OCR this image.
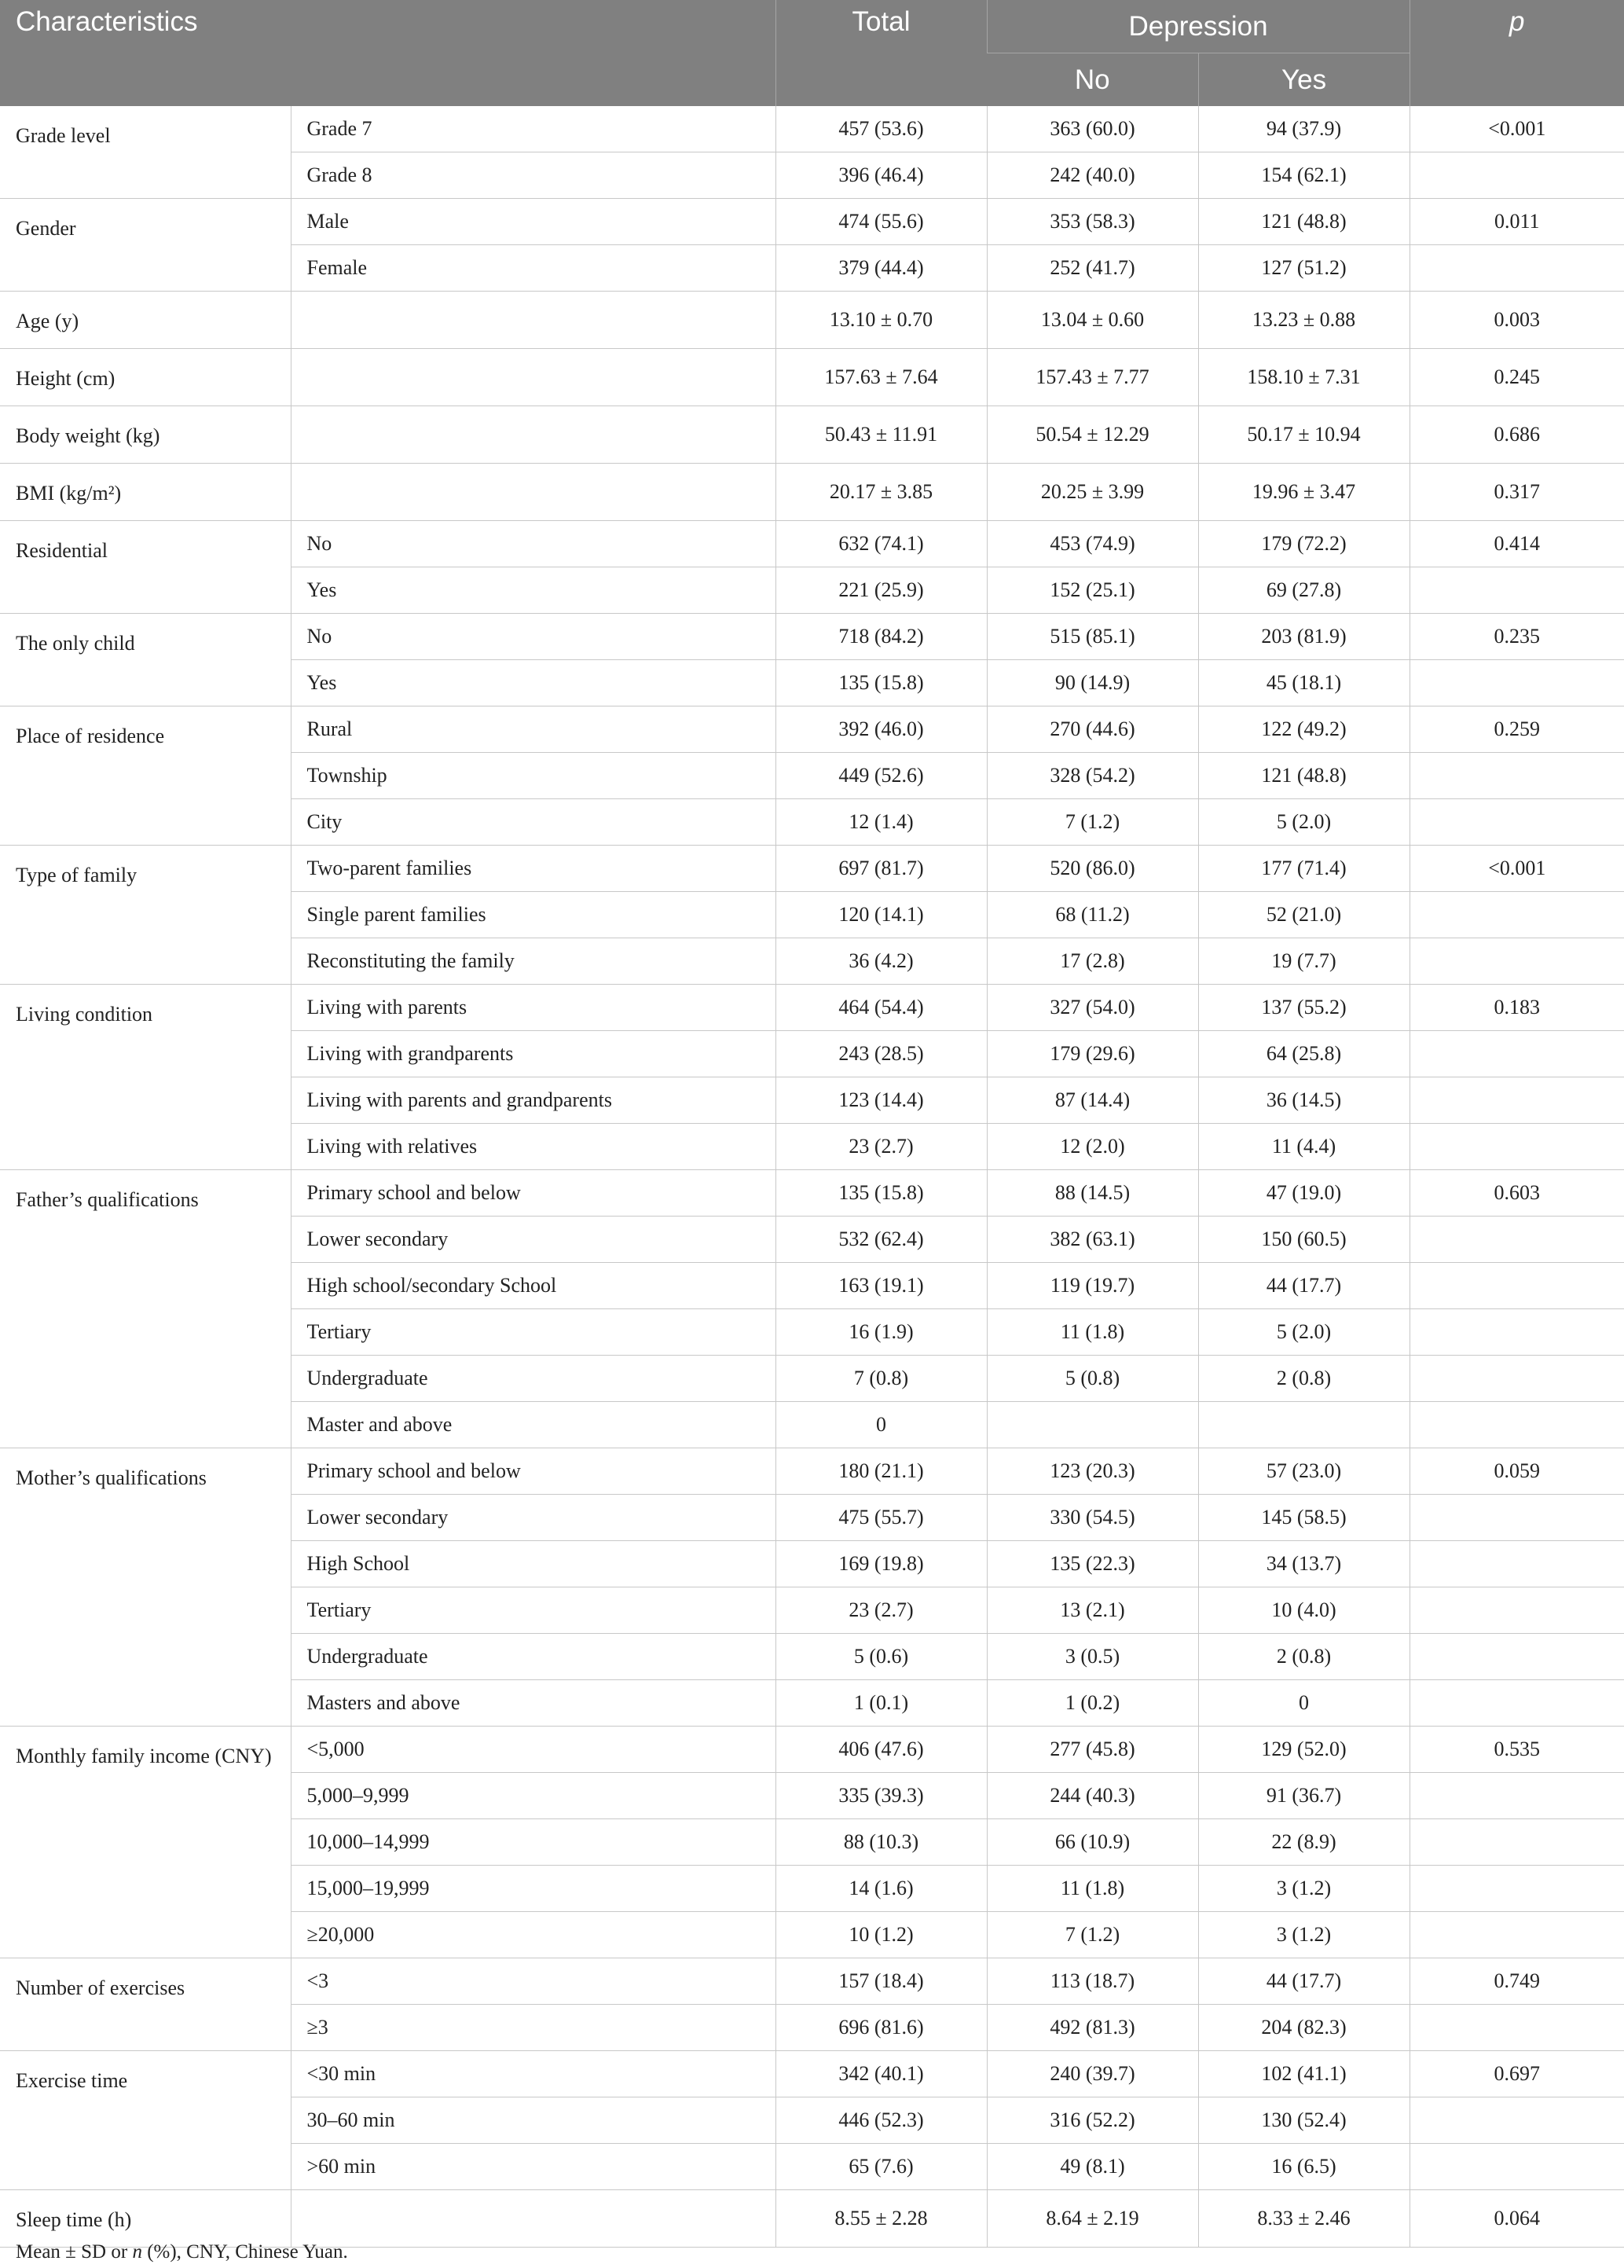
Characteristics		Total	Depression		p
			No	Yes	
Grade level	Grade 7	457 (53.6)	363 (60.0)	94 (37.9)	<0.001
	Grade 8	396 (46.4)	242 (40.0)	154 (62.1)	
Gender	Male	474 (55.6)	353 (58.3)	121 (48.8)	0.011
	Female	379 (44.4)	252 (41.7)	127 (51.2)	
Age (y)		13.10 ± 0.70	13.04 ± 0.60	13.23 ± 0.88	0.003
Height (cm)		157.63 ± 7.64	157.43 ± 7.77	158.10 ± 7.31	0.245
Body weight (kg)		50.43 ± 11.91	50.54 ± 12.29	50.17 ± 10.94	0.686
BMI (kg/m²)		20.17 ± 3.85	20.25 ± 3.99	19.96 ± 3.47	0.317
Residential	No	632 (74.1)	453 (74.9)	179 (72.2)	0.414
	Yes	221 (25.9)	152 (25.1)	69 (27.8)	
The only child	No	718 (84.2)	515 (85.1)	203 (81.9)	0.235
	Yes	135 (15.8)	90 (14.9)	45 (18.1)	
Place of residence	Rural	392 (46.0)	270 (44.6)	122 (49.2)	0.259
	Township	449 (52.6)	328 (54.2)	121 (48.8)	
	City	12 (1.4)	7 (1.2)	5 (2.0)	
Type of family	Two-parent families	697 (81.7)	520 (86.0)	177 (71.4)	<0.001
	Single parent families	120 (14.1)	68 (11.2)	52 (21.0)	
	Reconstituting the family	36 (4.2)	17 (2.8)	19 (7.7)	
Living condition	Living with parents	464 (54.4)	327 (54.0)	137 (55.2)	0.183
	Living with grandparents	243 (28.5)	179 (29.6)	64 (25.8)	
	Living with parents and grandparents	123 (14.4)	87 (14.4)	36 (14.5)	
	Living with relatives	23 (2.7)	12 (2.0)	11 (4.4)	
Father’s qualifications	Primary school and below	135 (15.8)	88 (14.5)	47 (19.0)	0.603
	Lower secondary	532 (62.4)	382 (63.1)	150 (60.5)	
	High school/secondary School	163 (19.1)	119 (19.7)	44 (17.7)	
	Tertiary	16 (1.9)	11 (1.8)	5 (2.0)	
	Undergraduate	7 (0.8)	5 (0.8)	2 (0.8)	
	Master and above	0			
Mother’s qualifications	Primary school and below	180 (21.1)	123 (20.3)	57 (23.0)	0.059
	Lower secondary	475 (55.7)	330 (54.5)	145 (58.5)	
	High School	169 (19.8)	135 (22.3)	34 (13.7)	
	Tertiary	23 (2.7)	13 (2.1)	10 (4.0)	
	Undergraduate	5 (0.6)	3 (0.5)	2 (0.8)	
	Masters and above	1 (0.1)	1 (0.2)	0	
Monthly family income (CNY)	<5,000	406 (47.6)	277 (45.8)	129 (52.0)	0.535
	5,000–9,999	335 (39.3)	244 (40.3)	91 (36.7)	
	10,000–14,999	88 (10.3)	66 (10.9)	22 (8.9)	
	15,000–19,999	14 (1.6)	11 (1.8)	3 (1.2)	
	≥20,000	10 (1.2)	7 (1.2)	3 (1.2)	
Number of exercises	<3	157 (18.4)	113 (18.7)	44 (17.7)	0.749
	≥3	696 (81.6)	492 (81.3)	204 (82.3)	
Exercise time	<30 min	342 (40.1)	240 (39.7)	102 (41.1)	0.697
	30–60 min	446 (52.3)	316 (52.2)	130 (52.4)	
	>60 min	65 (7.6)	49 (8.1)	16 (6.5)	
Sleep time (h)		8.55 ± 2.28	8.64 ± 2.19	8.33 ± 2.46	0.064

Mean ± SD or n (%), CNY, Chinese Yuan.
